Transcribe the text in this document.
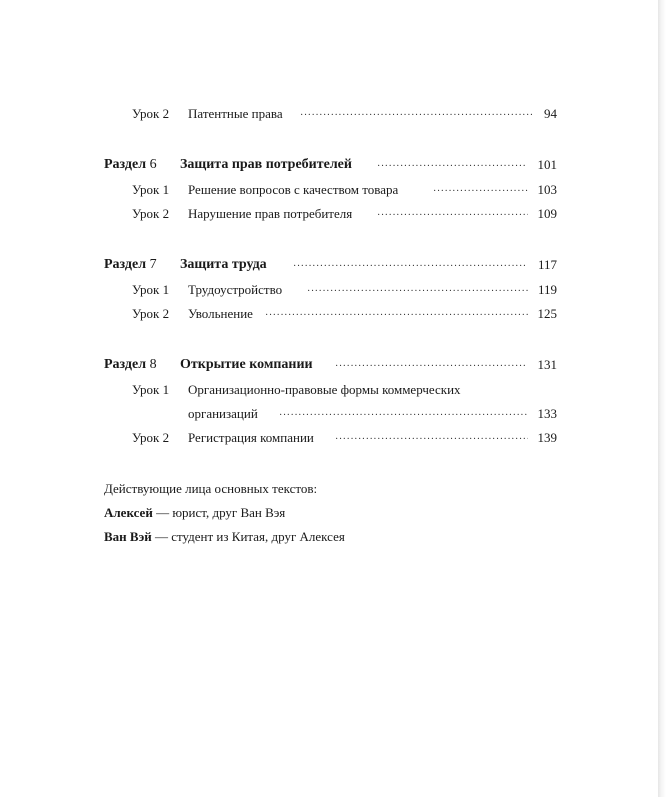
Урок 2 Патентные права ·····	94
Раздел 6 Защита прав потребителей ·····	101
Урок 1 Решение вопросов с качеством товара ·····	103
Урок 2 Нарушение прав потребителя ·····	109
Раздел 7 Защита труда ·····	117
Урок 1 Трудоустройство ·····	119
Урок 2 Увольнение ·····	125
Раздел 8 Открытие компании ·····	131
Урок 1 Организационно-правовые формы коммерческих
организаций ·····	133
Урок 2 Регистрация компании ·····	139
Действующие лица основных текстов:
Алексей — юрист, друг Ван Вэя
Ван Вэй — студент из Китая, друг Алексея
